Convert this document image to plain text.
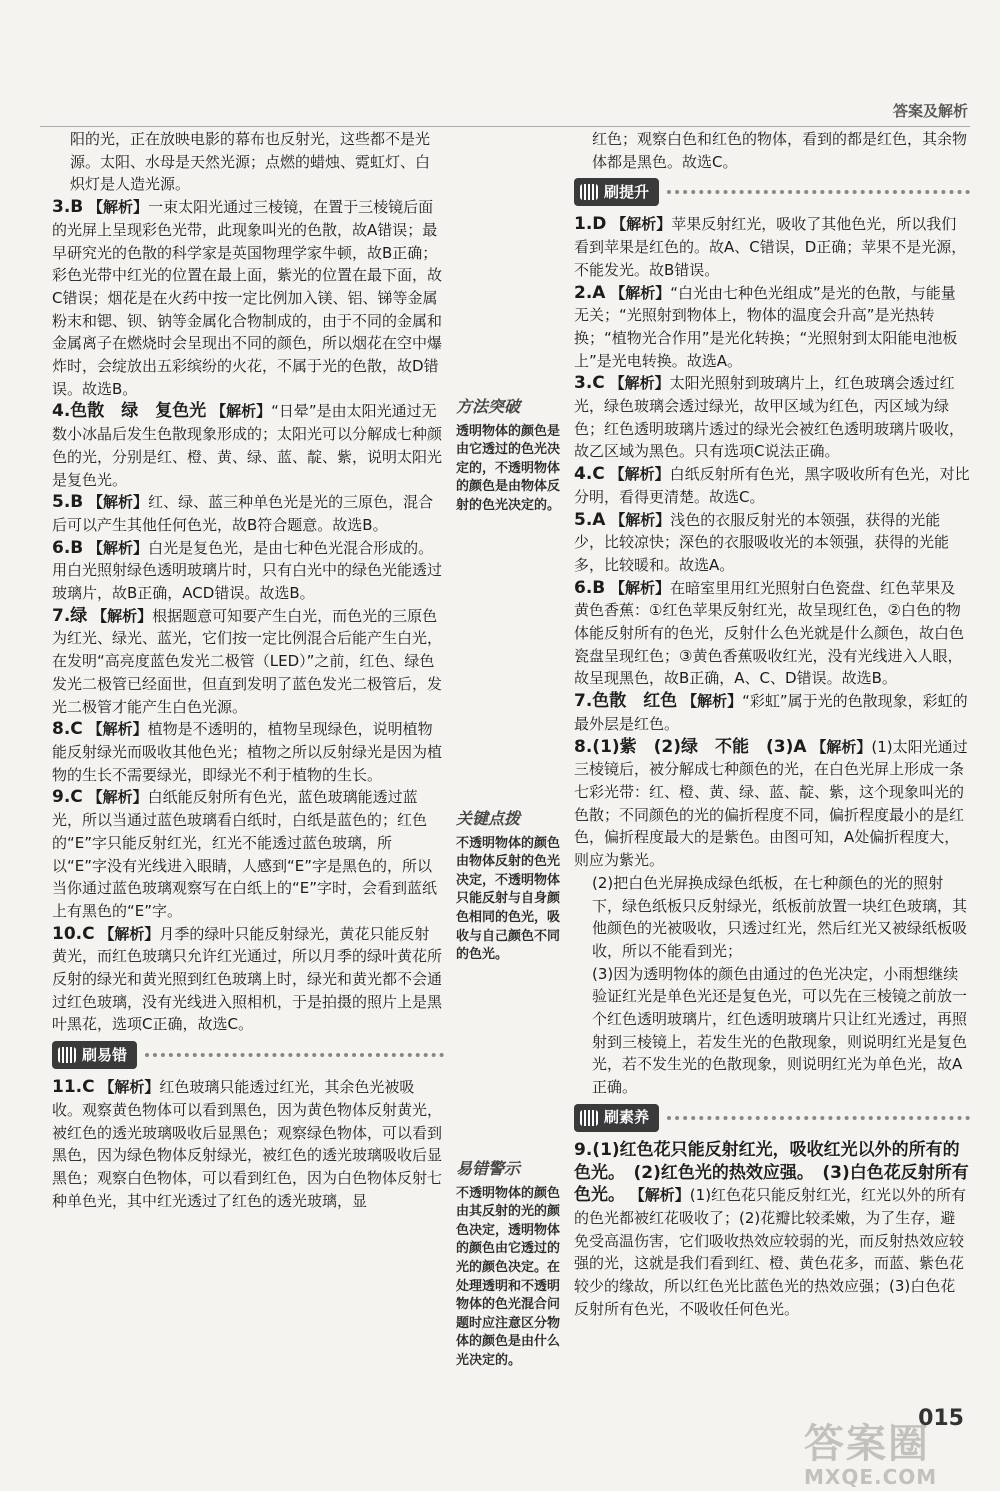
答案及解析
阳的光，正在放映电影的幕布也反射光，这些都不是光源。太阳、水母是天然光源；点燃的蜡烛、霓虹灯、白炽灯是人造光源。
3.B 【解析】一束太阳光通过三棱镜，在置于三棱镜后面的光屏上呈现彩色光带，此现象叫光的色散，故A错误；最早研究光的色散的科学家是英国物理学家牛顿，故B正确；彩色光带中红光的位置在最上面，紫光的位置在最下面，故C错误；烟花是在火药中按一定比例加入镁、铝、锑等金属粉末和锶、钡、钠等金属化合物制成的，由于不同的金属和金属离子在燃烧时会呈现出不同的颜色，所以烟花在空中爆炸时，会绽放出五彩缤纷的火花，不属于光的色散，故D错误。故选B。
4.色散　绿　复色光 【解析】“日晕”是由太阳光通过无数小冰晶后发生色散现象形成的；太阳光可以分解成七种颜色的光，分别是红、橙、黄、绿、蓝、靛、紫，说明太阳光是复色光。
5.B 【解析】红、绿、蓝三种单色光是光的三原色，混合后可以产生其他任何色光，故B符合题意。故选B。
6.B 【解析】白光是复色光，是由七种色光混合形成的。用白光照射绿色透明玻璃片时，只有白光中的绿色光能透过玻璃片，故B正确，ACD错误。故选B。
7.绿 【解析】根据题意可知要产生白光，而色光的三原色为红光、绿光、蓝光，它们按一定比例混合后能产生白光，在发明“高亮度蓝色发光二极管（LED）”之前，红色、绿色发光二极管已经面世，但直到发明了蓝色发光二极管后，发光二极管才能产生白色光源。
8.C 【解析】植物是不透明的，植物呈现绿色，说明植物能反射绿光而吸收其他色光；植物之所以反射绿光是因为植物的生长不需要绿光，即绿光不利于植物的生长。
9.C 【解析】白纸能反射所有色光，蓝色玻璃能透过蓝光，所以当通过蓝色玻璃看白纸时，白纸是蓝色的；红色的“E”字只能反射红光，红光不能透过蓝色玻璃，所以“E”字没有光线进入眼睛，人感到“E”字是黑色的，所以当你通过蓝色玻璃观察写在白纸上的“E”字时，会看到蓝纸上有黑色的“E”字。
10.C 【解析】月季的绿叶只能反射绿光，黄花只能反射黄光，而红色玻璃只允许红光通过，所以月季的绿叶黄花所反射的绿光和黄光照到红色玻璃上时，绿光和黄光都不会通过红色玻璃，没有光线进入照相机，于是拍摄的照片上是黑叶黑花，选项C正确，故选C。
刷易错
11.C 【解析】红色玻璃只能透过红光，其余色光被吸收。观察黄色物体可以看到黑色，因为黄色物体反射黄光，被红色的透光玻璃吸收后显黑色；观察绿色物体，可以看到黑色，因为绿色物体反射绿光，被红色的透光玻璃吸收后显黑色；观察白色物体，可以看到红色，因为白色物体反射七种单色光，其中红光透过了红色的透光玻璃，显
方法突破
透明物体的颜色是由它透过的色光决定的，不透明物体的颜色是由物体反射的色光决定的。
关键点拨
不透明物体的颜色由物体反射的色光决定，不透明物体只能反射与自身颜色相同的色光，吸收与自己颜色不同的色光。
易错警示
不透明物体的颜色由其反射的光的颜色决定，透明物体的颜色由它透过的光的颜色决定。在处理透明和不透明物体的色光混合问题时应注意区分物体的颜色是由什么光决定的。
红色；观察白色和红色的物体，看到的都是红色，其余物体都是黑色。故选C。
刷提升
1.D 【解析】苹果反射红光，吸收了其他色光，所以我们看到苹果是红色的。故A、C错误，D正确；苹果不是光源，不能发光。故B错误。
2.A 【解析】“白光由七种色光组成”是光的色散，与能量无关；“光照射到物体上，物体的温度会升高”是光热转换；“植物光合作用”是光化转换；“光照射到太阳能电池板上”是光电转换。故选A。
3.C 【解析】太阳光照射到玻璃片上，红色玻璃会透过红光，绿色玻璃会透过绿光，故甲区域为红色，丙区域为绿色；红色透明玻璃片透过的绿光会被红色透明玻璃片吸收，故乙区域为黑色。只有选项C说法正确。
4.C 【解析】白纸反射所有色光，黑字吸收所有色光，对比分明，看得更清楚。故选C。
5.A 【解析】浅色的衣服反射光的本领强，获得的光能少，比较凉快；深色的衣服吸收光的本领强，获得的光能多，比较暖和。故选A。
6.B 【解析】在暗室里用红光照射白色瓷盘、红色苹果及黄色香蕉：①红色苹果反射红光，故呈现红色，②白色的物体能反射所有的色光，反射什么色光就是什么颜色，故白色瓷盘呈现红色；③黄色香蕉吸收红光，没有光线进入人眼，故呈现黑色，故B正确，A、C、D错误。故选B。
7.色散　红色 【解析】“彩虹”属于光的色散现象，彩虹的最外层是红色。
8.(1)紫　(2)绿　不能　(3)A 【解析】(1)太阳光通过三棱镜后，被分解成七种颜色的光，在白色光屏上形成一条七彩光带：红、橙、黄、绿、蓝、靛、紫，这个现象叫光的色散；不同颜色的光的偏折程度不同，偏折程度最小的是红色，偏折程度最大的是紫色。由图可知，A处偏折程度大，则应为紫光。
(2)把白色光屏换成绿色纸板，在七种颜色的光的照射下，绿色纸板只反射绿光，纸板前放置一块红色玻璃，其他颜色的光被吸收，只透过红光，然后红光又被绿纸板吸收，所以不能看到光；
(3)因为透明物体的颜色由通过的色光决定，小雨想继续验证红光是单色光还是复色光，可以先在三棱镜之前放一个红色透明玻璃片，红色透明玻璃片只让红光透过，再照射到三棱镜上，若发生光的色散现象，则说明红光是复色光，若不发生光的色散现象，则说明红光为单色光，故A正确。
刷素养
9.(1)红色花只能反射红光，吸收红光以外的所有的色光。　(2)红色光的热效应强。　(3)白色花反射所有色光。 【解析】(1)红色花只能反射红光，红光以外的所有的色光都被红花吸收了；(2)花瓣比较柔嫩，为了生存，避免受高温伤害，它们吸收热效应较弱的光，而反射热效应较强的光，这就是我们看到红、橙、黄色花多，而蓝、紫色花较少的缘故，所以红色光比蓝色光的热效应强；(3)白色花反射所有色光，不吸收任何色光。
015
答案圈
MXQE.COM
